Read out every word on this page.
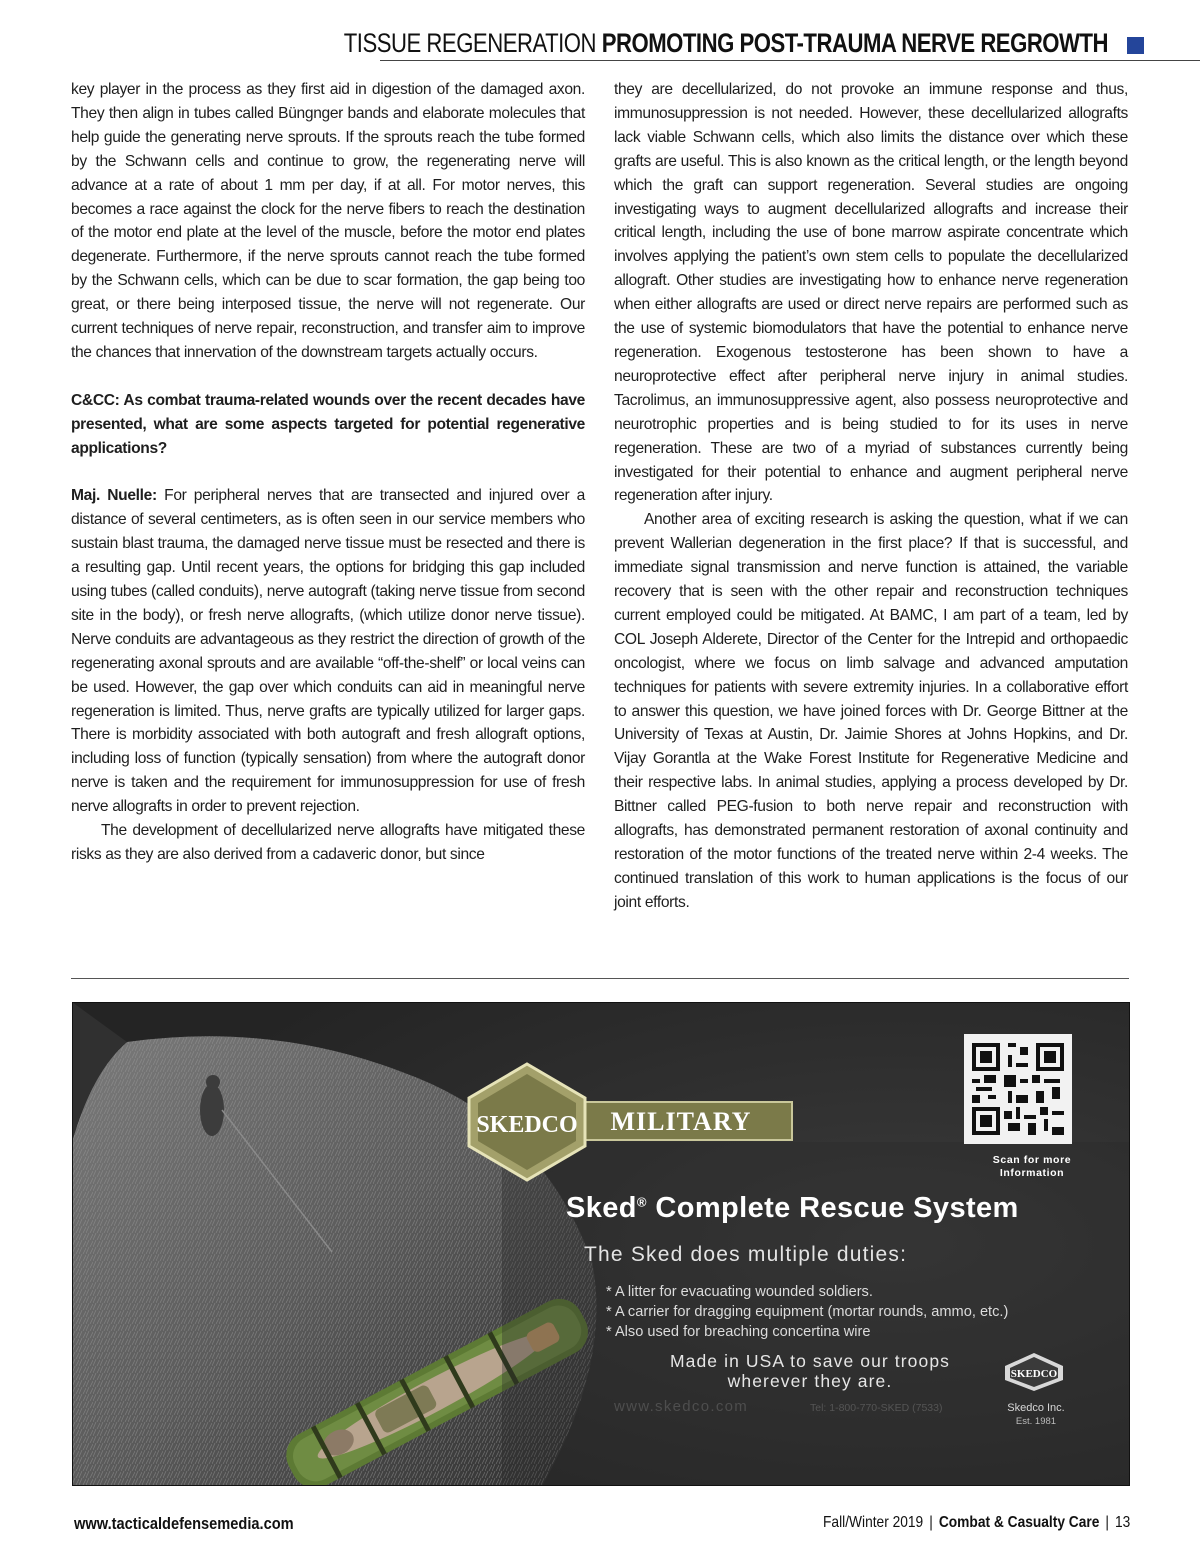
TISSUE REGENERATION PROMOTING POST-TRAUMA NERVE REGROWTH

key player in the process as they first aid in digestion of the damaged axon. They then align in tubes called Büngnger bands and elaborate molecules that help guide the generating nerve sprouts. If the sprouts reach the tube formed by the Schwann cells and continue to grow, the regenerating nerve will advance at a rate of about 1 mm per day, if at all. For motor nerves, this becomes a race against the clock for the nerve fibers to reach the destination of the motor end plate at the level of the muscle, before the motor end plates degenerate. Furthermore, if the nerve sprouts cannot reach the tube formed by the Schwann cells, which can be due to scar formation, the gap being too great, or there being interposed tissue, the nerve will not regenerate. Our current techniques of nerve repair, reconstruction, and transfer aim to improve the chances that innervation of the downstream targets actually occurs.

C&CC: As combat trauma-related wounds over the recent decades have presented, what are some aspects targeted for potential regenerative applications?

Maj. Nuelle: For peripheral nerves that are transected and injured over a distance of several centimeters, as is often seen in our service members who sustain blast trauma, the damaged nerve tissue must be resected and there is a resulting gap. Until recent years, the options for bridging this gap included using tubes (called conduits), nerve autograft (taking nerve tissue from second site in the body), or fresh nerve allografts, (which utilize donor nerve tissue). Nerve conduits are advantageous as they restrict the direction of growth of the regenerating axonal sprouts and are available “off-the-shelf” or local veins can be used. However, the gap over which conduits can aid in meaningful nerve regeneration is limited. Thus, nerve grafts are typically utilized for larger gaps. There is morbidity associated with both autograft and fresh allograft options, including loss of function (typically sensation) from where the autograft donor nerve is taken and the requirement for immunosuppression for use of fresh nerve allografts in order to prevent rejection.

The development of decellularized nerve allografts have mitigated these risks as they are also derived from a cadaveric donor, but since

they are decellularized, do not provoke an immune response and thus, immunosuppression is not needed. However, these decellularized allografts lack viable Schwann cells, which also limits the distance over which these grafts are useful. This is also known as the critical length, or the length beyond which the graft can support regeneration. Several studies are ongoing investigating ways to augment decellularized allografts and increase their critical length, including the use of bone marrow aspirate concentrate which involves applying the patient’s own stem cells to populate the decellularized allograft. Other studies are investigating how to enhance nerve regeneration when either allografts are used or direct nerve repairs are performed such as the use of systemic biomodulators that have the potential to enhance nerve regeneration. Exogenous testosterone has been shown to have a neuroprotective effect after peripheral nerve injury in animal studies. Tacrolimus, an immunosuppressive agent, also possess neuroprotective and neurotrophic properties and is being studied to for its uses in nerve regeneration. These are two of a myriad of substances currently being investigated for their potential to enhance and augment peripheral nerve regeneration after injury.

Another area of exciting research is asking the question, what if we can prevent Wallerian degeneration in the first place? If that is successful, and immediate signal transmission and nerve function is attained, the variable recovery that is seen with the other repair and reconstruction techniques current employed could be mitigated. At BAMC, I am part of a team, led by COL Joseph Alderete, Director of the Center for the Intrepid and orthopaedic oncologist, where we focus on limb salvage and advanced amputation techniques for patients with severe extremity injuries. In a collaborative effort to answer this question, we have joined forces with Dr. George Bittner at the University of Texas at Austin, Dr. Jaimie Shores at Johns Hopkins, and Dr. Vijay Gorantla at the Wake Forest Institute for Regenerative Medicine and their respective labs. In animal studies, applying a process developed by Dr. Bittner called PEG-fusion to both nerve repair and reconstruction with allografts, has demonstrated permanent restoration of axonal continuity and restoration of the motor functions of the treated nerve within 2-4 weeks. The continued translation of this work to human applications is the focus of our joint efforts.

SKEDCO MILITARY
Scan for more
Information
Sked® Complete Rescue System
The Sked does multiple duties:
* A litter for evacuating wounded soldiers.
* A carrier for dragging equipment (mortar rounds, ammo, etc.)
* Also used for breaching concertina wire
Made in USA to save our troops
wherever they are.
www.skedco.com	Tel: 1-800-770-SKED (7533)
SKEDCO
Skedco Inc.
Est. 1981
www.tacticaldefensemedia.com	Fall/Winter 2019 | Combat & Casualty Care | 13
